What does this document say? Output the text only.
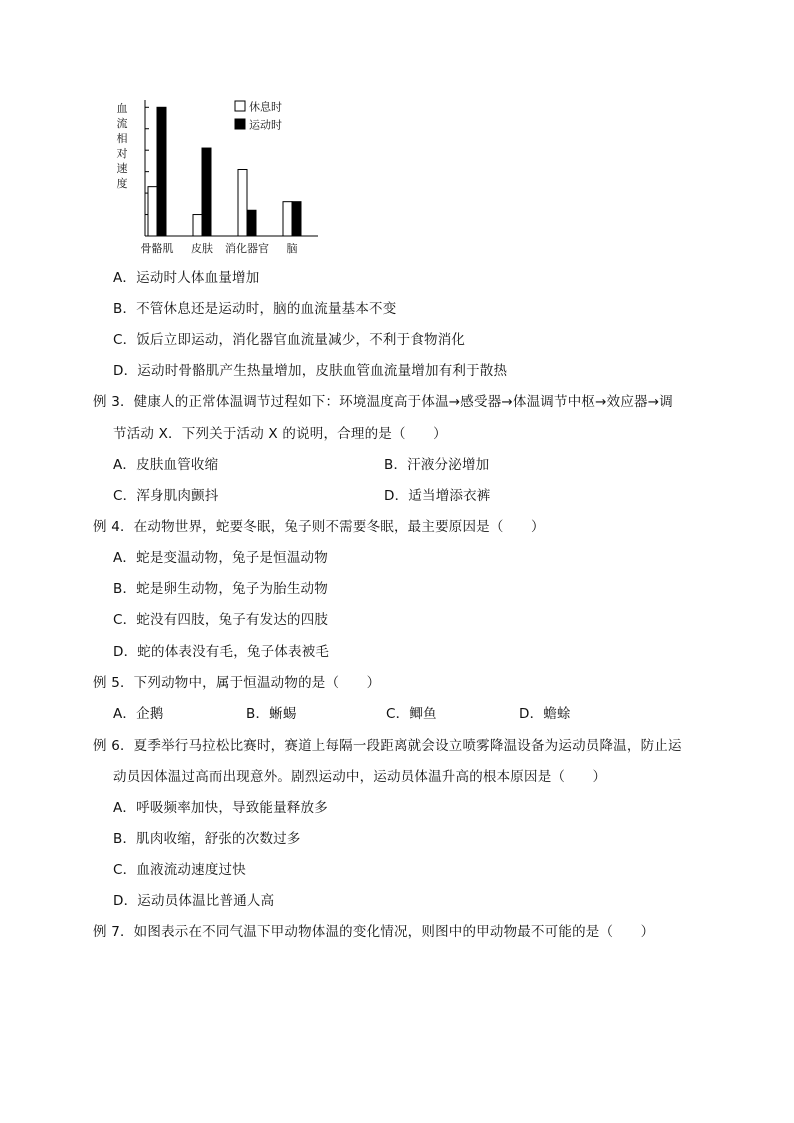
血流相对速度
骨骼肌 皮肤 消化器官 脑
休息时
运动时
A．运动时人体血量增加
B．不管休息还是运动时，脑的血流量基本不变
C．饭后立即运动，消化器官血流量减少，不利于食物消化
D．运动时骨骼肌产生热量增加，皮肤血管血流量增加有利于散热
例 3．健康人的正常体温调节过程如下：环境温度高于体温→感受器→体温调节中枢→效应器→调
节活动 X．下列关于活动 X 的说明，合理的是（　　）
A．皮肤血管收缩	B．汗液分泌增加
C．浑身肌肉颤抖	D．适当增添衣裤
例 4．在动物世界，蛇要冬眠，兔子则不需要冬眠，最主要原因是（　　）
A．蛇是变温动物，兔子是恒温动物
B．蛇是卵生动物，兔子为胎生动物
C．蛇没有四肢，兔子有发达的四肢
D．蛇的体表没有毛，兔子体表被毛
例 5．下列动物中，属于恒温动物的是（　　）
A．企鹅	B．蜥蜴	C．鲫鱼	D．蟾蜍
例 6．夏季举行马拉松比赛时，赛道上每隔一段距离就会设立喷雾降温设备为运动员降温，防止运
动员因体温过高而出现意外。剧烈运动中，运动员体温升高的根本原因是（　　）
A．呼吸频率加快，导致能量释放多
B．肌肉收缩，舒张的次数过多
C．血液流动速度过快
D．运动员体温比普通人高
例 7．如图表示在不同气温下甲动物体温的变化情况，则图中的甲动物最不可能的是（　　）
